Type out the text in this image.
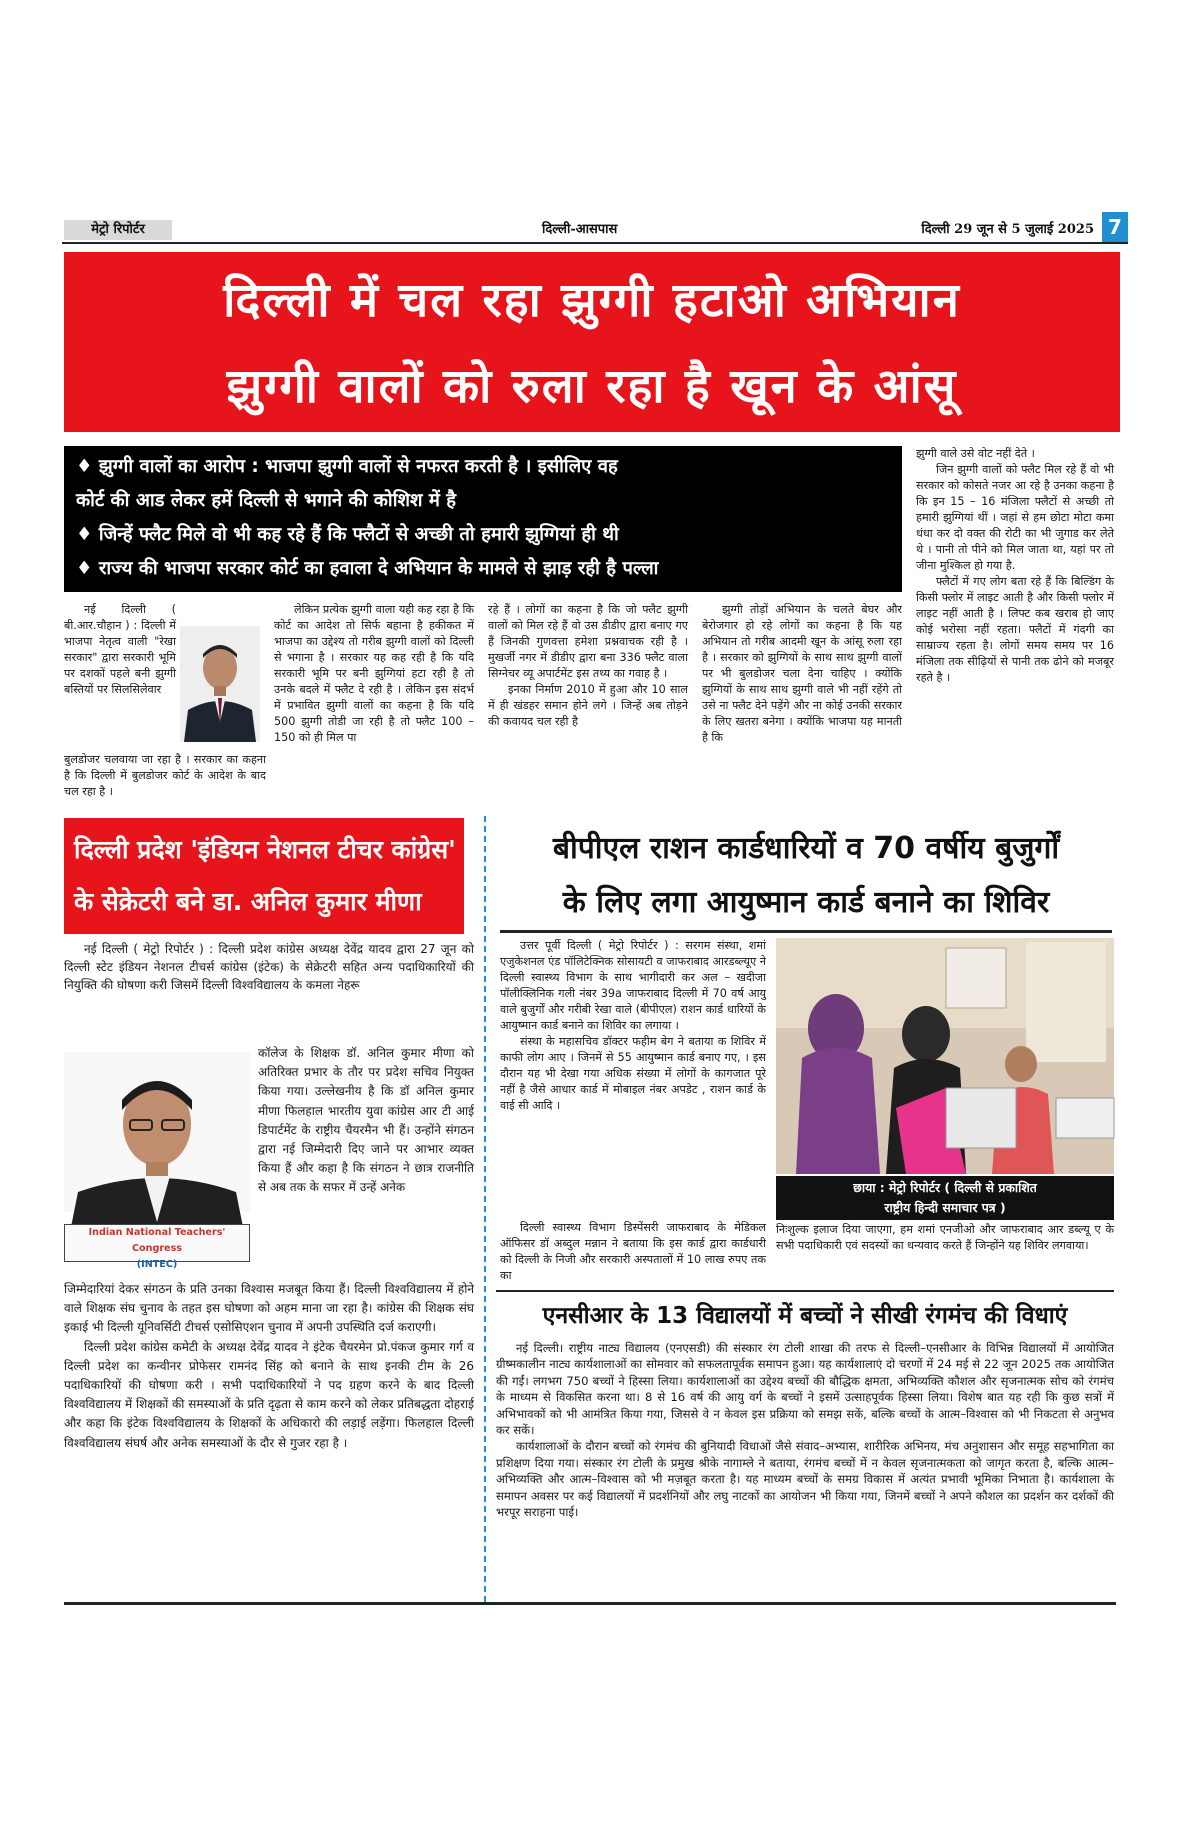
मेट्रो रिपोर्टर	दिल्ली-आसपास	दिल्ली 29 जून से 5 जुलाई 2025 7
दिल्ली में चल रहा झुग्गी हटाओ अभियान
झुग्गी वालों को रुला रहा है खून के आंसू
♦ झुग्गी वालों का आरोप : भाजपा झुग्गी वालों से नफरत करती है । इसीलिए वह
कोर्ट की आड लेकर हमें दिल्ली से भगाने की कोशिश में है
♦ जिन्हें फ्लैट मिले वो भी कह रहे हैं कि फ्लैटों से अच्छी तो हमारी झुग्गियां ही थी
♦ राज्य की भाजपा सरकार कोर्ट का हवाला दे अभियान के मामले से झाड़ रही है पल्ला

नई दिल्ली ( बी.आर.चौहान ) : दिल्ली में भाजपा नेतृत्व वाली "रेखा सरकार" द्वारा सरकारी भूमि पर दशकों पहले बनी झुग्गी बस्तियों पर सिलसिलेवार

बुलडोजर चलवाया जा रहा है । सरकार का कहना है कि दिल्ली में बुलडोजर कोर्ट के आदेश के बाद चल रहा है ।

लेकिन प्रत्येक झुग्गी वाला यही कह रहा है कि कोर्ट का आदेश तो सिर्फ बहाना है हकीकत में भाजपा का उद्देश्य तो गरीब झुग्गी वालों को दिल्ली से भगाना है । सरकार यह कह रही है कि यदि सरकारी भूमि पर बनी झुग्गियां हटा रही है तो उनके बदले में फ्लैट दे रही है । लेकिन इस संदर्भ में प्रभावित झुग्गी वालों का कहना है कि यदि 500 झुग्गी तोडी जा रही है तो फ्लैट 100 – 150 को ही मिल पा

रहे हैं । लोगों का कहना है कि जो फ्लैट झुग्गी वालों को मिल रहे हैं वो उस डीडीए द्वारा बनाए गए हैं जिनकी गुणवत्ता हमेशा प्रश्नवाचक रही है । मुखर्जी नगर में डीडीए द्वारा बना 336 फ्लैट वाला सिग्नेचर व्यू अपार्टमेंट इस तथ्य का गवाह है ।

इनका निर्माण 2010 में हुआ और 10 साल में ही खंडहर समान होने लगे । जिन्हें अब तोड़ने की कवायद चल रही है

झुग्गी तोड़ों अभियान के चलते बेघर और बेरोजगार हो रहे लोगों का कहना है कि यह अभियान तो गरीब आदमी खून के आंसू रुला रहा है । सरकार को झुग्गियों के साथ साथ झुग्गी वालों पर भी बुलडोजर चला देना चाहिए । क्योंकि झुग्गियों के साथ साथ झुग्गी वाले भी नहीं रहेंगे तो उसे ना फ्लैट देने पड़ेंगे और ना कोई उनकी सरकार के लिए खतरा बनेगा । क्योंकि भाजपा यह मानती है कि

झुग्गी वाले उसे वोट नहीं देते ।

जिन झुग्गी वालों को फ्लैट मिल रहे हैं वो भी सरकार को कोसते नजर आ रहे है उनका कहना है कि इन 15 – 16 मंजिला फ्लैटों से अच्छी तो हमारी झुग्गियां थीं । जहां से हम छोटा मोटा कमा धंधा कर दो वक्त की रोटी का भी जुगाड कर लेते थे । पानी तो पीने को मिल जाता था, यहां पर तो जीना मुश्किल हो गया है.

फ्लैटों में गए लोग बता रहे हैं कि बिल्डिंग के किसी फ्लोर में लाइट आती है और किसी फ्लोर में लाइट नहीं आती है । लिफ्ट कब खराब हो जाए कोई भरोसा नहीं रहता। फ्लैटों में गंदगी का साम्राज्य रहता है। लोगों समय समय पर 16 मंजिला तक सीढ़ियों से पानी तक ढोने को मजबूर रहते है ।

दिल्ली प्रदेश 'इंडियन नेशनल टीचर कांग्रेस'
के सेक्रेटरी बने डा. अनिल कुमार मीणा

नई दिल्ली ( मेट्रो रिपोर्टर ) : दिल्ली प्रदेश कांग्रेस अध्यक्ष देवेंद्र यादव द्वारा 27 जून को दिल्ली स्टेट इंडियन नेशनल टीचर्स कांग्रेस (इंटेक) के सेक्रेटरी सहित अन्य पदाधिकारियों की नियुक्ति की घोषणा करी जिसमें दिल्ली विश्वविद्यालय के कमला नेहरू

Indian National Teachers' Congress
(INTEC)

कॉलेज के शिक्षक डॉ. अनिल कुमार मीणा को अतिरिक्त प्रभार के तौर पर प्रदेश सचिव नियुक्त किया गया। उल्लेखनीय है कि डॉ अनिल कुमार मीणा फिलहाल भारतीय युवा कांग्रेस आर टी आई डिपार्टमेंट के राष्ट्रीय चैयरमैन भी हैं। उन्होंने संगठन द्वारा नई जिम्मेदारी दिए जाने पर आभार व्यक्त किया हैं और कहा है कि संगठन ने छात्र राजनीति से अब तक के सफर में उन्हें अनेक

जिम्मेदारियां देकर संगठन के प्रति उनका विश्वास मजबूत किया हैं। दिल्ली विश्वविद्यालय में होने वाले शिक्षक संघ चुनाव के तहत इस घोषणा को अहम माना जा रहा है। कांग्रेस की शिक्षक संघ इकाई भी दिल्ली यूनिवर्सिटी टीचर्स एसोसिएशन चुनाव में अपनी उपस्थिति दर्ज कराएगी।

दिल्ली प्रदेश कांग्रेस कमेटी के अध्यक्ष देवेंद्र यादव ने इंटेक चैयरमेन प्रो.पंकज कुमार गर्ग व दिल्ली प्रदेश का कन्वीनर प्रोफेसर रामनंद सिंह को बनाने के साथ इनकी टीम के 26 पदाधिकारियों की घोषणा करी । सभी पदाधिकारियों ने पद ग्रहण करने के बाद दिल्ली विश्वविद्यालय में शिक्षकों की समस्याओं के प्रति दृढ़ता से काम करने को लेकर प्रतिबद्धता दोहराई और कहा कि इंटेक विश्वविद्यालय के शिक्षकों के अधिकारो की लड़ाई लड़ेंगा। फिलहाल दिल्ली विश्वविद्यालय संघर्ष और अनेक समस्याओं के दौर से गुजर रहा है ।

बीपीएल राशन कार्डधारियों व 70 वर्षीय बुजुर्गों
के लिए लगा आयुष्मान कार्ड बनाने का शिविर

उत्तर पूर्वी दिल्ली ( मेट्रो रिपोर्टर ) : सरगम संस्था, शमां एजुकेशनल एंड पॉलिटेक्निक सोसायटी व जाफराबाद आरडब्ल्यूए ने दिल्ली स्वास्थ्य विभाग के साथ भागीदारी कर अल – खदीजा पॉलीक्लिनिक गली नंबर 39a जाफराबाद दिल्ली में 70 वर्ष आयु वाले बुजुर्गों और गरीबी रेखा वाले (बीपीएल) राशन कार्ड धारियों के आयुष्मान कार्ड बनाने का शिविर का लगाया ।

संस्था के महासचिव डॉक्टर फहीम बेग ने बताया क शिविर में काफी लोग आए । जिनमें से 55 आयुष्मान कार्ड बनाए गए, । इस दौरान यह भी देखा गया अधिक संख्या में लोगों के कागजात पूरे नहीं है जैसे आधार कार्ड में मोबाइल नंबर अपडेट , राशन कार्ड के वाई सी आदि ।

दिल्ली स्वास्थ्य विभाग डिस्पेंसरी जाफराबाद के मेडिकल ऑफिसर डॉ अब्दुल मन्नान ने बताया कि इस कार्ड द्वारा कार्डधारी को दिल्ली के निजी और सरकारी अस्पतालों में 10 लाख रुपए तक का

छाया : मेट्रो रिपोर्टर ( दिल्ली से प्रकाशित
राष्ट्रीय हिन्दी समाचार पत्र )

निःशुल्क इलाज दिया जाएगा, हम शमां एनजीओ और जाफराबाद आर डब्ल्यू ए के सभी पदाधिकारी एवं सदस्यों का धन्यवाद करते हैं जिन्होंने यह शिविर लगवाया।

एनसीआर के 13 विद्यालयों में बच्चों ने सीखी रंगमंच की विधाएं

नई दिल्ली। राष्ट्रीय नाट्य विद्यालय (एनएसडी) की संस्कार रंग टोली शाखा की तरफ से दिल्ली–एनसीआर के विभिन्न विद्यालयों में आयोजित ग्रीष्मकालीन नाट्य कार्यशालाओं का सोमवार को सफलतापूर्वक समापन हुआ। यह कार्यशालाएं दो चरणों में 24 मई से 22 जून 2025 तक आयोजित की गईं। लगभग 750 बच्चों ने हिस्सा लिया। कार्यशालाओं का उद्देश्य बच्चों की बौद्धिक क्षमता, अभिव्यक्ति कौशल और सृजनात्मक सोच को रंगमंच के माध्यम से विकसित करना था। 8 से 16 वर्ष की आयु वर्ग के बच्चों ने इसमें उत्साहपूर्वक हिस्सा लिया। विशेष बात यह रही कि कुछ सत्रों में अभिभावकों को भी आमंत्रित किया गया, जिससे वे न केवल इस प्रक्रिया को समझ सकें, बल्कि बच्चों के आत्म–विश्वास को भी निकटता से अनुभव कर सकें।

कार्यशालाओं के दौरान बच्चों को रंगमंच की बुनियादी विधाओं जैसे संवाद–अभ्यास, शारीरिक अभिनय, मंच अनुशासन और समूह सहभागिता का प्रशिक्षण दिया गया। संस्कार रंग टोली के प्रमुख श्रीके नागाम्ले ने बताया, रंगमंच बच्चों में न केवल सृजनात्मकता को जागृत करता है, बल्कि आत्म–अभिव्यक्ति और आत्म–विश्वास को भी मज़बूत करता है। यह माध्यम बच्चों के समग्र विकास में अत्यंत प्रभावी भूमिका निभाता है। कार्यशाला के समापन अवसर पर कई विद्यालयों में प्रदर्शनियों और लघु नाटकों का आयोजन भी किया गया, जिनमें बच्चों ने अपने कौशल का प्रदर्शन कर दर्शकों की भरपूर सराहना पाई।
